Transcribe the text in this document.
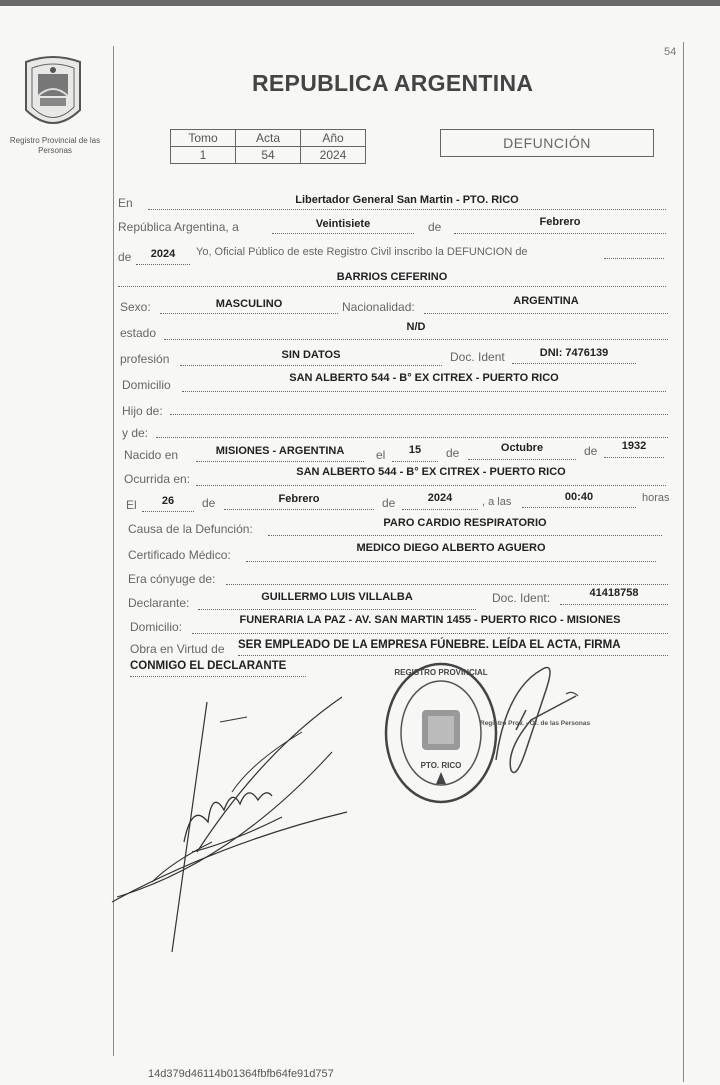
54
Registro Provincial de las Personas
REPUBLICA ARGENTINA
Tomo	Acta	Año
1	54	2024
DEFUNCIÓN
En	Libertador General San Martin - PTO. RICO
República Argentina, a	Veintisiete	de	Febrero
de	2024	Yo, Oficial Público de este Registro Civil inscribo la DEFUNCION de
BARRIOS CEFERINO
Sexo:	MASCULINO	Nacionalidad:	ARGENTINA
estado	N/D
profesión	SIN DATOS	Doc. Ident	DNI: 7476139
Domicilio	SAN ALBERTO 544 - B° EX CITREX - PUERTO RICO
Hijo de:
y de:
Nacido en	MISIONES - ARGENTINA	el	15	de	Octubre	de	1932
Ocurrida en:	SAN ALBERTO 544 - B° EX CITREX - PUERTO RICO
El	26	de	Febrero	de	2024	, a las	00:40	horas
Causa de la Defunción:	PARO CARDIO RESPIRATORIO
Certificado Médico:	MEDICO DIEGO ALBERTO AGUERO
Era cónyuge de:
Declarante:	GUILLERMO LUIS VILLALBA	Doc. Ident:	41418758
Domicilio:	FUNERARIA LA PAZ - AV. SAN MARTIN 1455 - PUERTO RICO - MISIONES
Obra en Virtud de SER EMPLEADO DE LA EMPRESA FÚNEBRE. LEÍDA EL ACTA, FIRMA
CONMIGO EL DECLARANTE
REGISTRO PROVINCIAL
PTO. RICO
Registro Prov. - Of. de las Personas
14d379d46114b01364fbfb64fe91d757
